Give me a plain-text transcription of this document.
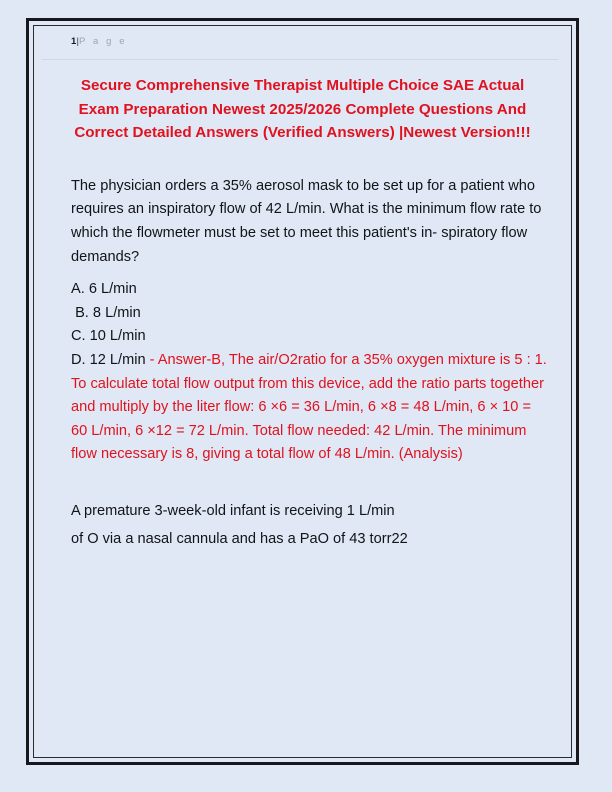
1|P a g e
Secure Comprehensive Therapist Multiple Choice SAE Actual Exam Preparation Newest 2025/2026 Complete Questions And Correct Detailed Answers (Verified Answers) |Newest Version!!!

The physician orders a 35% aerosol mask to be set up for a patient who requires an inspiratory flow of 42 L/min. What is the minimum flow rate to which the flowmeter must be set to meet this patient's in- spiratory flow demands?

A. 6 L/min

B. 8 L/min

C. 10 L/min

D. 12 L/min - Answer-B, The air/O2ratio for a 35% oxygen mixture is 5 : 1. To calculate total flow output from this device, add the ratio parts together and multiply by the liter flow: 6 ×6 = 36 L/min, 6 ×8 = 48 L/min, 6 × 10 = 60 L/min, 6 ×12 = 72 L/min. Total flow needed: 42 L/min. The minimum flow necessary is 8, giving a total flow of 48 L/min. (Analysis)

A premature 3-week-old infant is receiving 1 L/min

of O via a nasal cannula and has a PaO of 43 torr22
